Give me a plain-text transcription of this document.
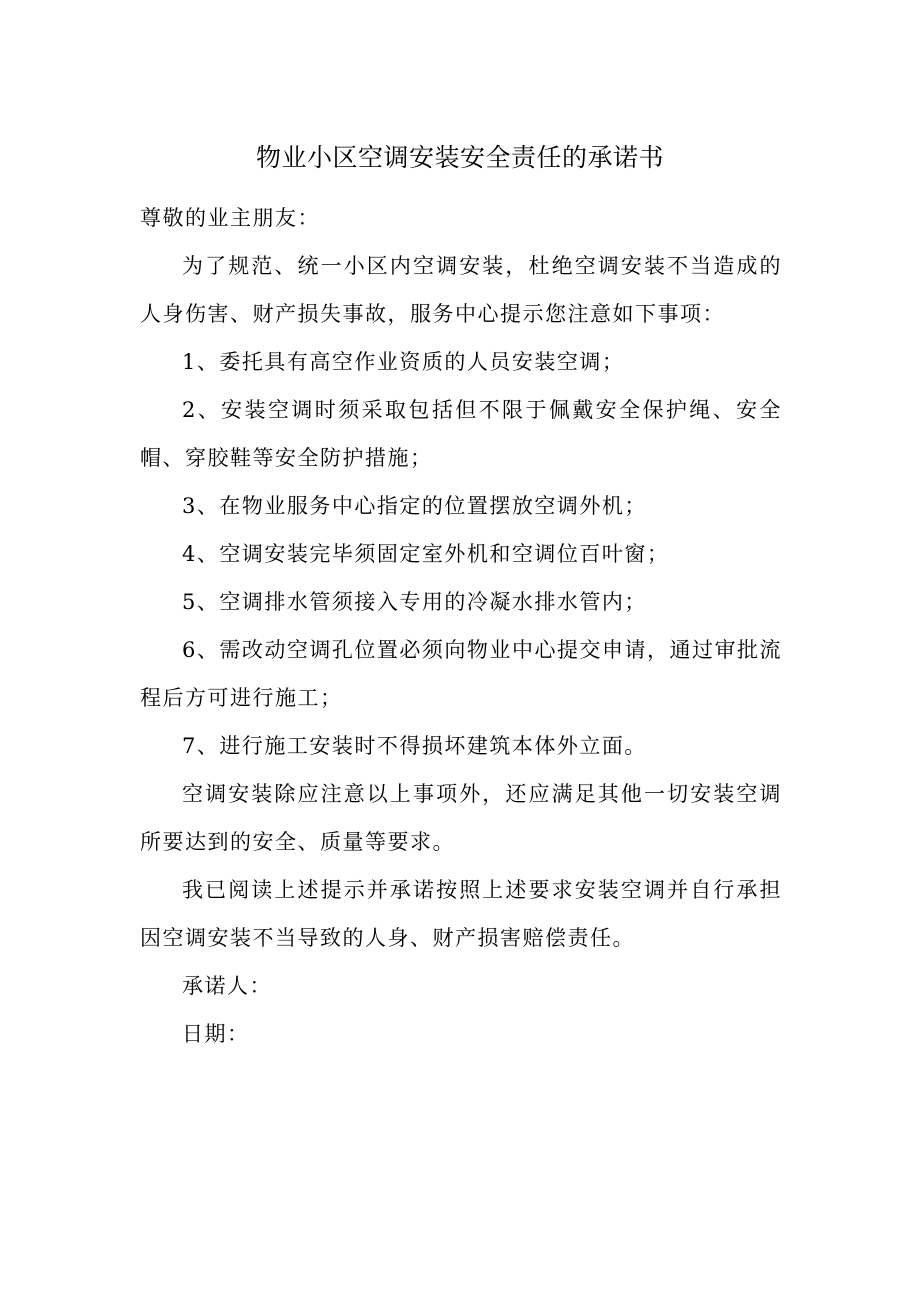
物业小区空调安装安全责任的承诺书

尊敬的业主朋友：

为了规范、统一小区内空调安装，杜绝空调安装不当造成的人身伤害、财产损失事故，服务中心提示您注意如下事项：

1、委托具有高空作业资质的人员安装空调；

2、安装空调时须采取包括但不限于佩戴安全保护绳、安全帽、穿胶鞋等安全防护措施；

3、在物业服务中心指定的位置摆放空调外机；

4、空调安装完毕须固定室外机和空调位百叶窗；

5、空调排水管须接入专用的冷凝水排水管内；

6、需改动空调孔位置必须向物业中心提交申请，通过审批流程后方可进行施工；

7、进行施工安装时不得损坏建筑本体外立面。

空调安装除应注意以上事项外，还应满足其他一切安装空调所要达到的安全、质量等要求。

我已阅读上述提示并承诺按照上述要求安装空调并自行承担因空调安装不当导致的人身、财产损害赔偿责任。

承诺人：

日期：
